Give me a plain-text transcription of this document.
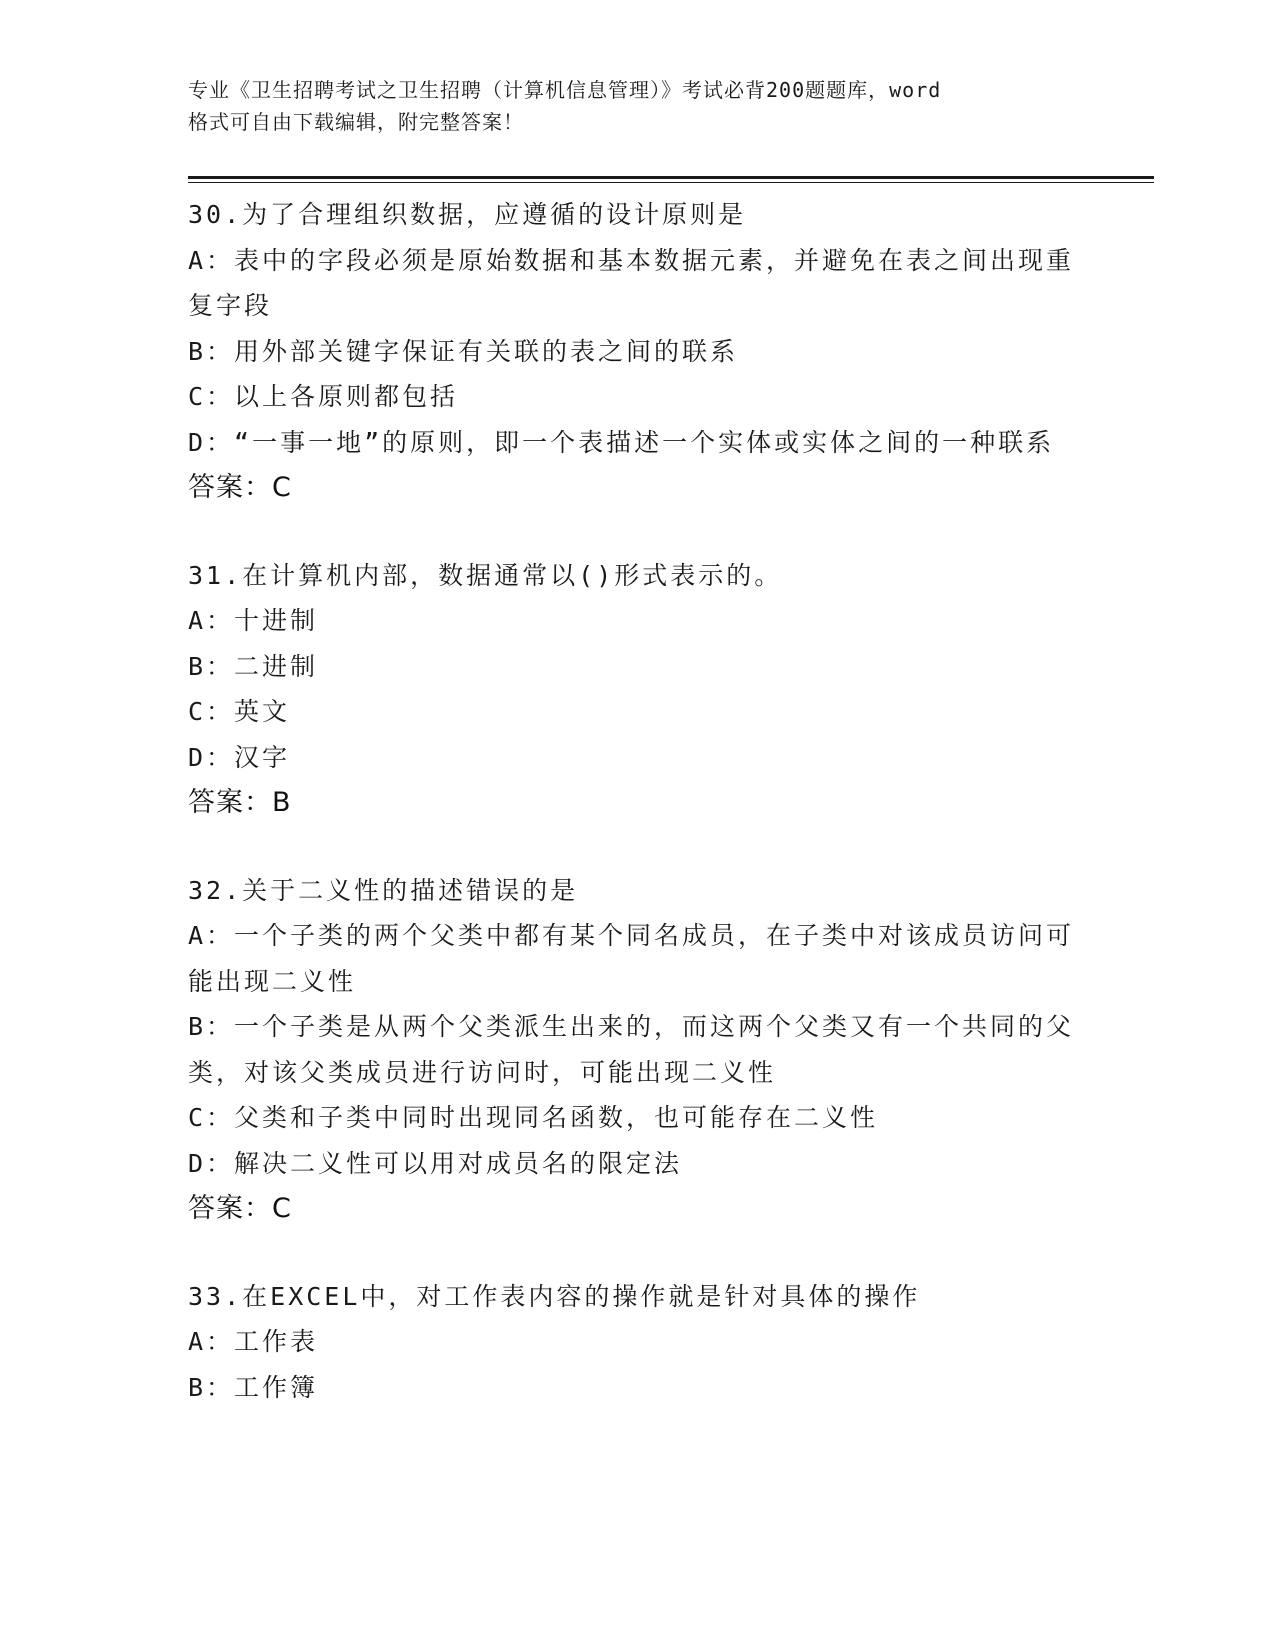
专业《卫生招聘考试之卫生招聘（计算机信息管理）》考试必背200题题库，word
格式可自由下载编辑，附完整答案！

30.为了合理组织数据，应遵循的设计原则是

A：表中的字段必须是原始数据和基本数据元素，并避免在表之间出现重复字段

B：用外部关键字保证有关联的表之间的联系

C：以上各原则都包括

D：“一事一地”的原则，即一个表描述一个实体或实体之间的一种联系

答案：C

31.在计算机内部，数据通常以()形式表示的。

A：十进制

B：二进制

C：英文

D：汉字

答案：B

32.关于二义性的描述错误的是

A：一个子类的两个父类中都有某个同名成员，在子类中对该成员访问可能出现二义性

B：一个子类是从两个父类派生出来的，而这两个父类又有一个共同的父类，对该父类成员进行访问时，可能出现二义性

C：父类和子类中同时出现同名函数，也可能存在二义性

D：解决二义性可以用对成员名的限定法

答案：C

33.在EXCEL中，对工作表内容的操作就是针对具体的操作

A：工作表

B：工作簿
